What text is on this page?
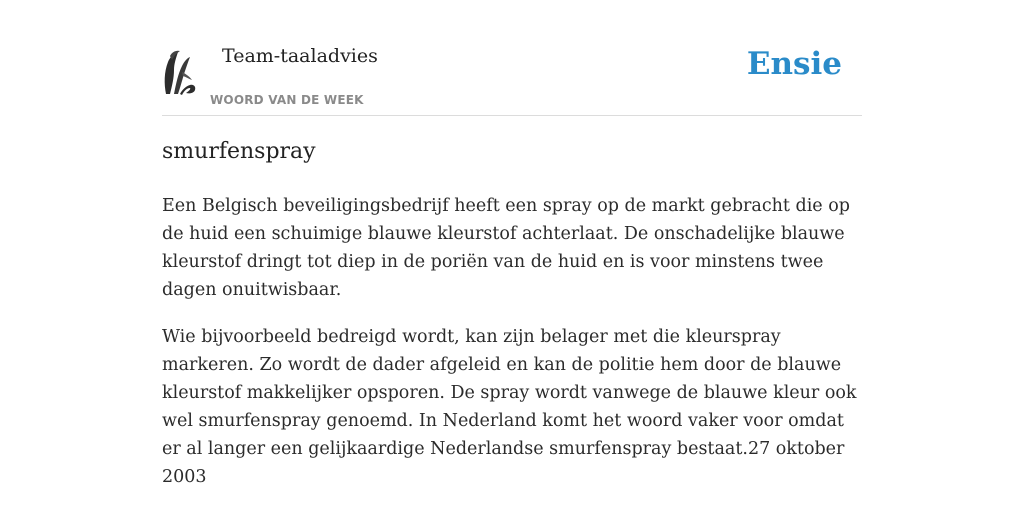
Team-taaladvies
WOORD VAN DE WEEK
Ensie
smurfenspray

Een Belgisch beveiligingsbedrijf heeft een spray op de markt gebracht die op de huid een schuimige blauwe kleurstof achterlaat. De onschadelijke blauwe kleurstof dringt tot diep in de poriën van de huid en is voor minstens twee dagen onuitwisbaar.

Wie bijvoorbeeld bedreigd wordt, kan zijn belager met die kleurspray markeren. Zo wordt de dader afgeleid en kan de politie hem door de blauwe kleurstof makkelijker opsporen. De spray wordt vanwege de blauwe kleur ook wel smurfenspray genoemd. In Nederland komt het woord vaker voor omdat er al langer een gelijkaardige Nederlandse smurfenspray bestaat.27 oktober 2003
